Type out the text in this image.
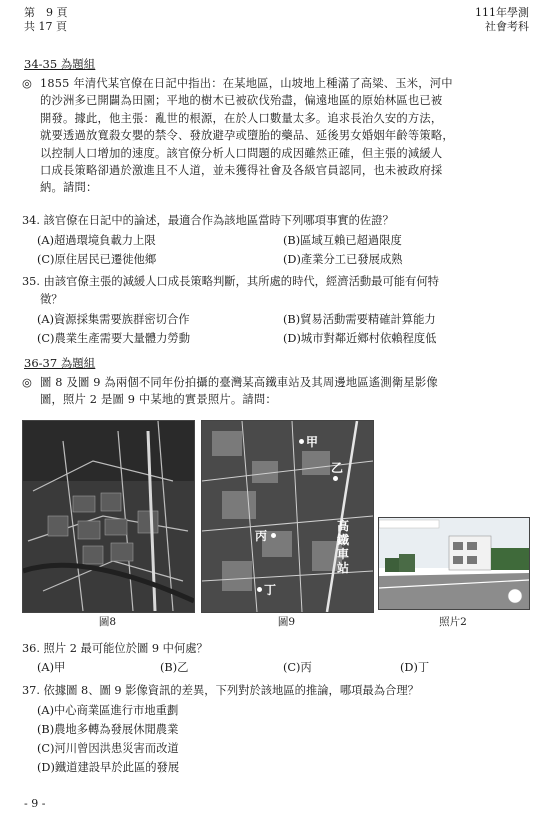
第　9 頁
共 17 頁
111年學測
社會考科
34-35 為題組
◎ 1855 年清代某官僚在日記中指出：在某地區，山坡地上種滿了高粱、玉米，河中
的沙洲多已開闢為田園；平地的樹木已被砍伐殆盡，偏遠地區的原始林區也已被
開發。據此，他主張：亂世的根源，在於人口數量太多。追求長治久安的方法，
就要透過放寬殺女嬰的禁令、發放避孕或墮胎的藥品、延後男女婚姻年齡等策略，
以控制人口增加的速度。該官僚分析人口問題的成因雖然正確，但主張的減緩人
口成長策略卻過於激進且不人道，並未獲得社會及各級官員認同，也未被政府採
納。請問：
34. 該官僚在日記中的論述，最適合作為該地區當時下列哪項事實的佐證？
(A)超過環境負載力上限	(B)區域互賴已超過限度
(C)原住居民已遷徙他鄉	(D)產業分工已發展成熟
35. 由該官僚主張的減緩人口成長策略判斷，其所處的時代，經濟活動最可能有何特
徵？
(A)資源採集需要族群密切合作	(B)貿易活動需要精確計算能力
(C)農業生產需要大量體力勞動	(D)城市對鄰近鄉村依賴程度低
36-37 為題組
◎ 圖 8 及圖 9 為兩個不同年份拍攝的臺灣某高鐵車站及其周邊地區遙測衛星影像
圖，照片 2 是圖 9 中某地的實景照片。請問：
圖8
甲
乙
丙
丁
高鐵車站
圖9	照片2
36. 照片 2 最可能位於圖 9 中何處？
(A)甲	(B)乙	(C)丙	(D)丁
37. 依據圖 8、圖 9 影像資訊的差異，下列對於該地區的推論，哪項最為合理？
(A)中心商業區進行市地重劃
(B)農地多轉為發展休閒農業
(C)河川曾因洪患災害而改道
(D)鐵道建設早於此區的發展
- 9 -
